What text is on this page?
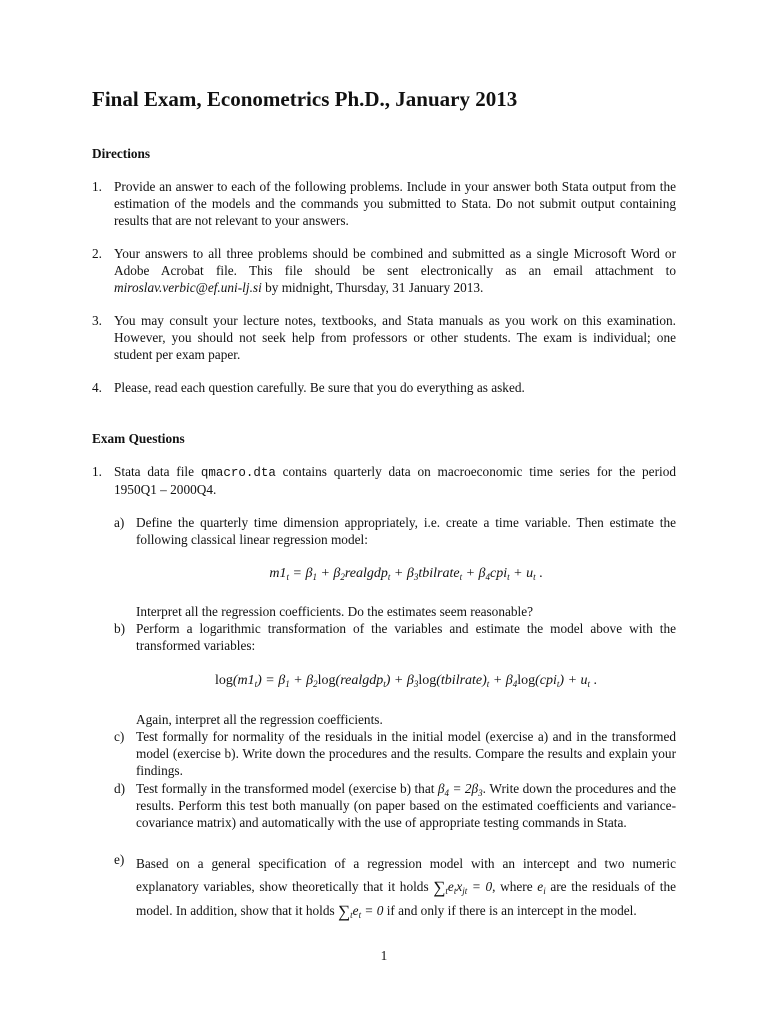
Final Exam, Econometrics Ph.D., January 2013
Directions
1. Provide an answer to each of the following problems. Include in your answer both Stata output from the estimation of the models and the commands you submitted to Stata. Do not submit output containing results that are not relevant to your answers.
2. Your answers to all three problems should be combined and submitted as a single Microsoft Word or Adobe Acrobat file. This file should be sent electronically as an email attachment to miroslav.verbic@ef.uni-lj.si by midnight, Thursday, 31 January 2013.
3. You may consult your lecture notes, textbooks, and Stata manuals as you work on this examination. However, you should not seek help from professors or other students. The exam is individual; one student per exam paper.
4. Please, read each question carefully. Be sure that you do everything as asked.
Exam Questions
1. Stata data file qmacro.dta contains quarterly data on macroeconomic time series for the period 1950Q1 – 2000Q4.
a) Define the quarterly time dimension appropriately, i.e. create a time variable. Then estimate the following classical linear regression model:
$m1_t = \beta_1$ + $\beta_2realgdp_t$ + $\beta_3tbilrate_t + \beta_4cpi_t + u_t$ .
Interpret all the regression coefficients. Do the estimates seem reasonable?
b) Perform a logarithmic transformation of the variables and estimate the model above with the transformed variables:
$\log(m1_t) = \beta_1$ + $\beta_2\log(realgdp_t)$ + $\beta_3\log(tbilrate)_t + \beta_4\log(cpi_t) + u_t$ .
Again, interpret all the regression coefficients.
c) Test formally for normality of the residuals in the initial model (exercise a) and in the transformed model (exercise b). Write down the procedures and the results. Compare the results and explain your findings.
d) Test formally in the transformed model (exercise b) that $\beta_4 = 2\beta_3$. Write down the procedures and the results. Perform this test both manually (on paper based on the estimated coefficients and variance-covariance matrix) and automatically with the use of appropriate testing commands in Stata.
e) Based on a general specification of a regression model with an intercept and two numeric explanatory variables, show theoretically that it holds $\sum_te_tx_{jt} = 0$, where $e_i$ are the residuals of the model. In addition, show that it holds $\sum_te_t = 0$ if and only if there is an intercept in the model.
1
